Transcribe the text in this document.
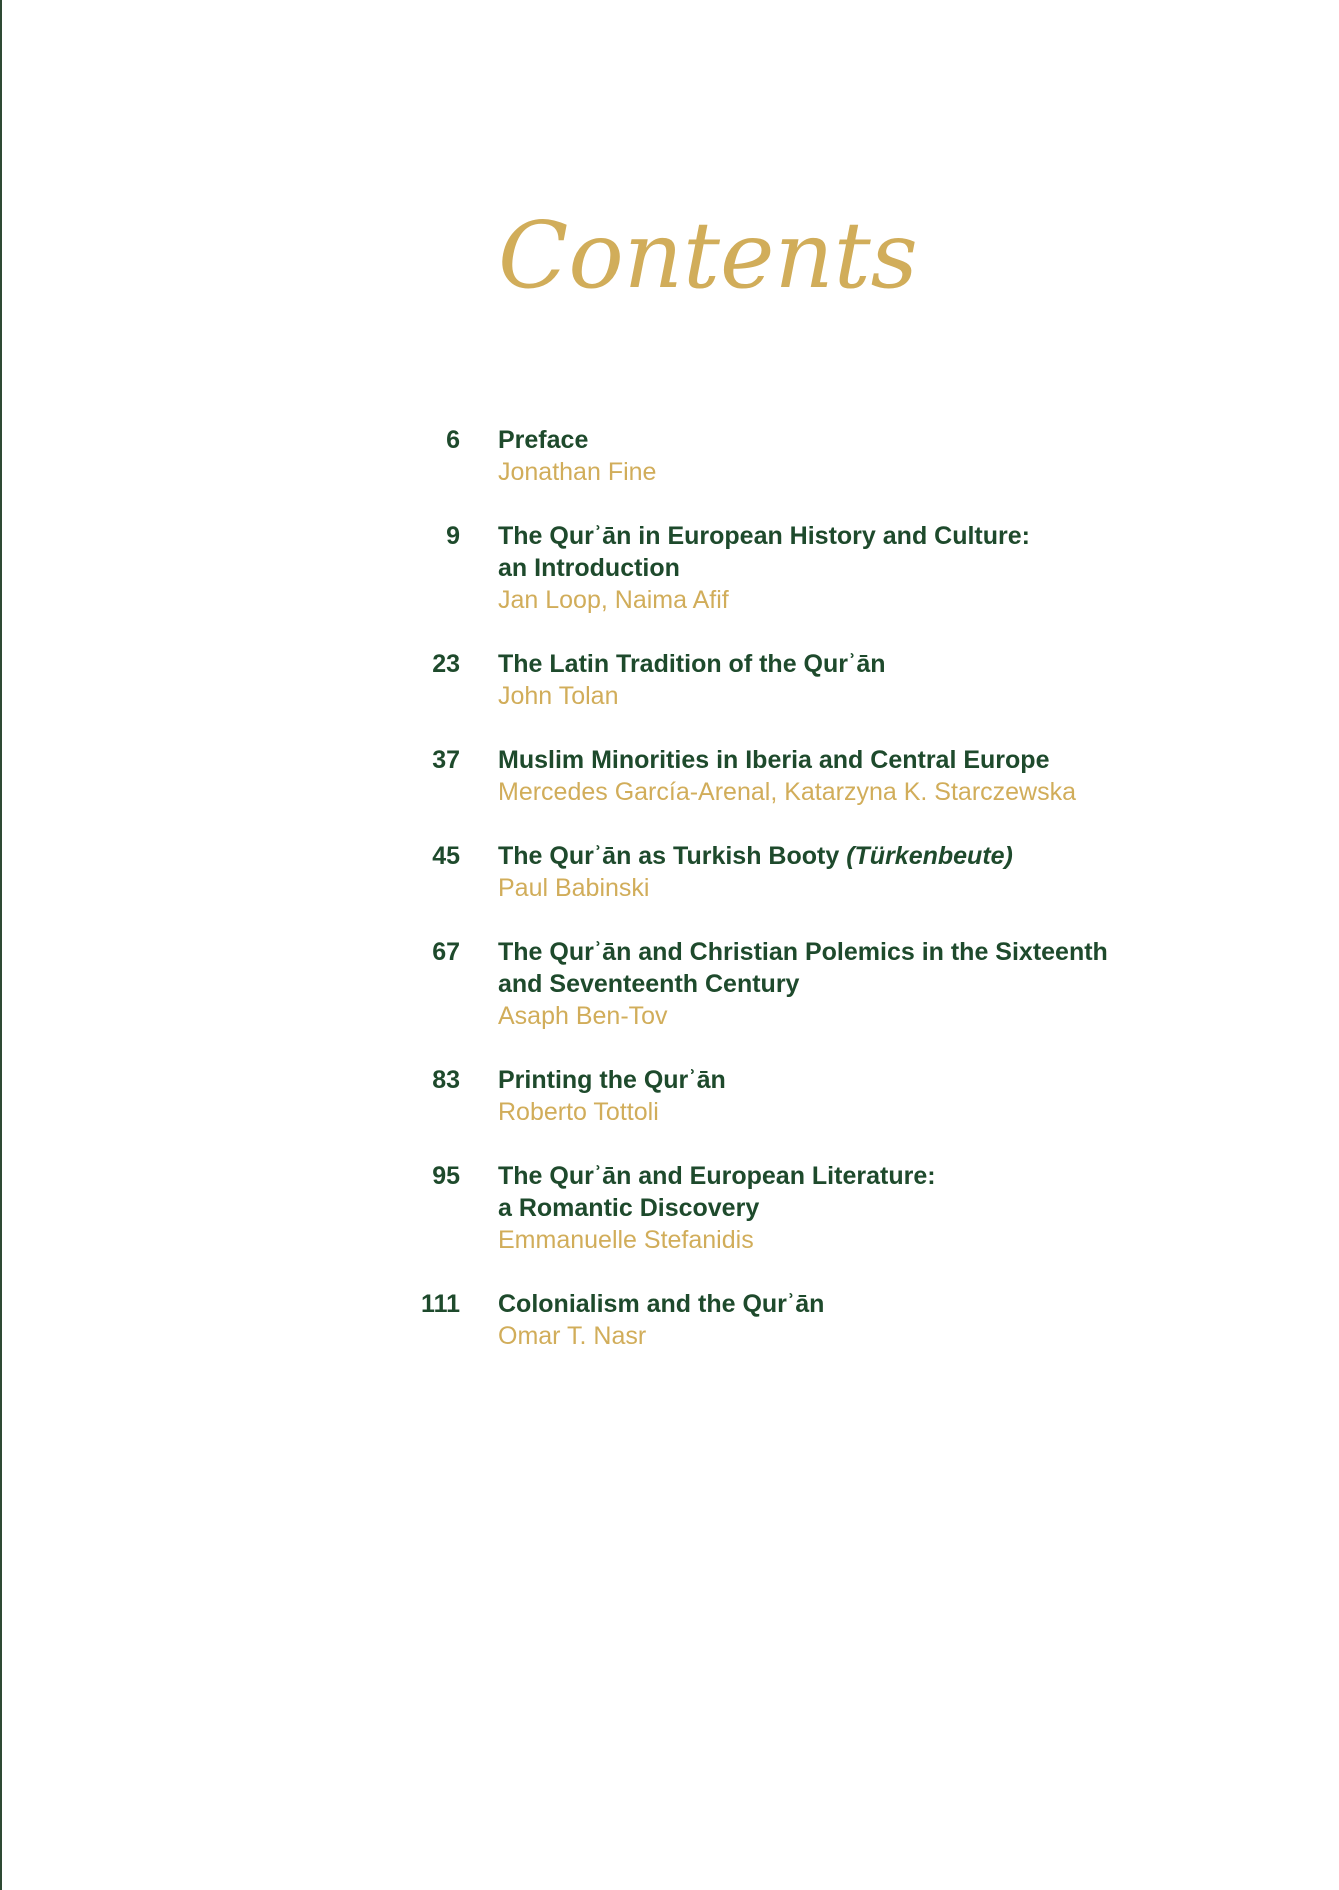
Contents
6 Preface
Jonathan Fine
9 The Qurʾān in European History and Culture:
an Introduction
Jan Loop, Naima Afif
23 The Latin Tradition of the Qurʾān
John Tolan
37 Muslim Minorities in Iberia and Central Europe
Mercedes García-Arenal, Katarzyna K. Starczewska
45 The Qurʾān as Turkish Booty (Türkenbeute)
Paul Babinski
67 The Qurʾān and Christian Polemics in the Sixteenth
and Seventeenth Century
Asaph Ben-Tov
83 Printing the Qurʾān
Roberto Tottoli
95 The Qurʾān and European Literature:
a Romantic Discovery
Emmanuelle Stefanidis
111 Colonialism and the Qurʾān
Omar T. Nasr
